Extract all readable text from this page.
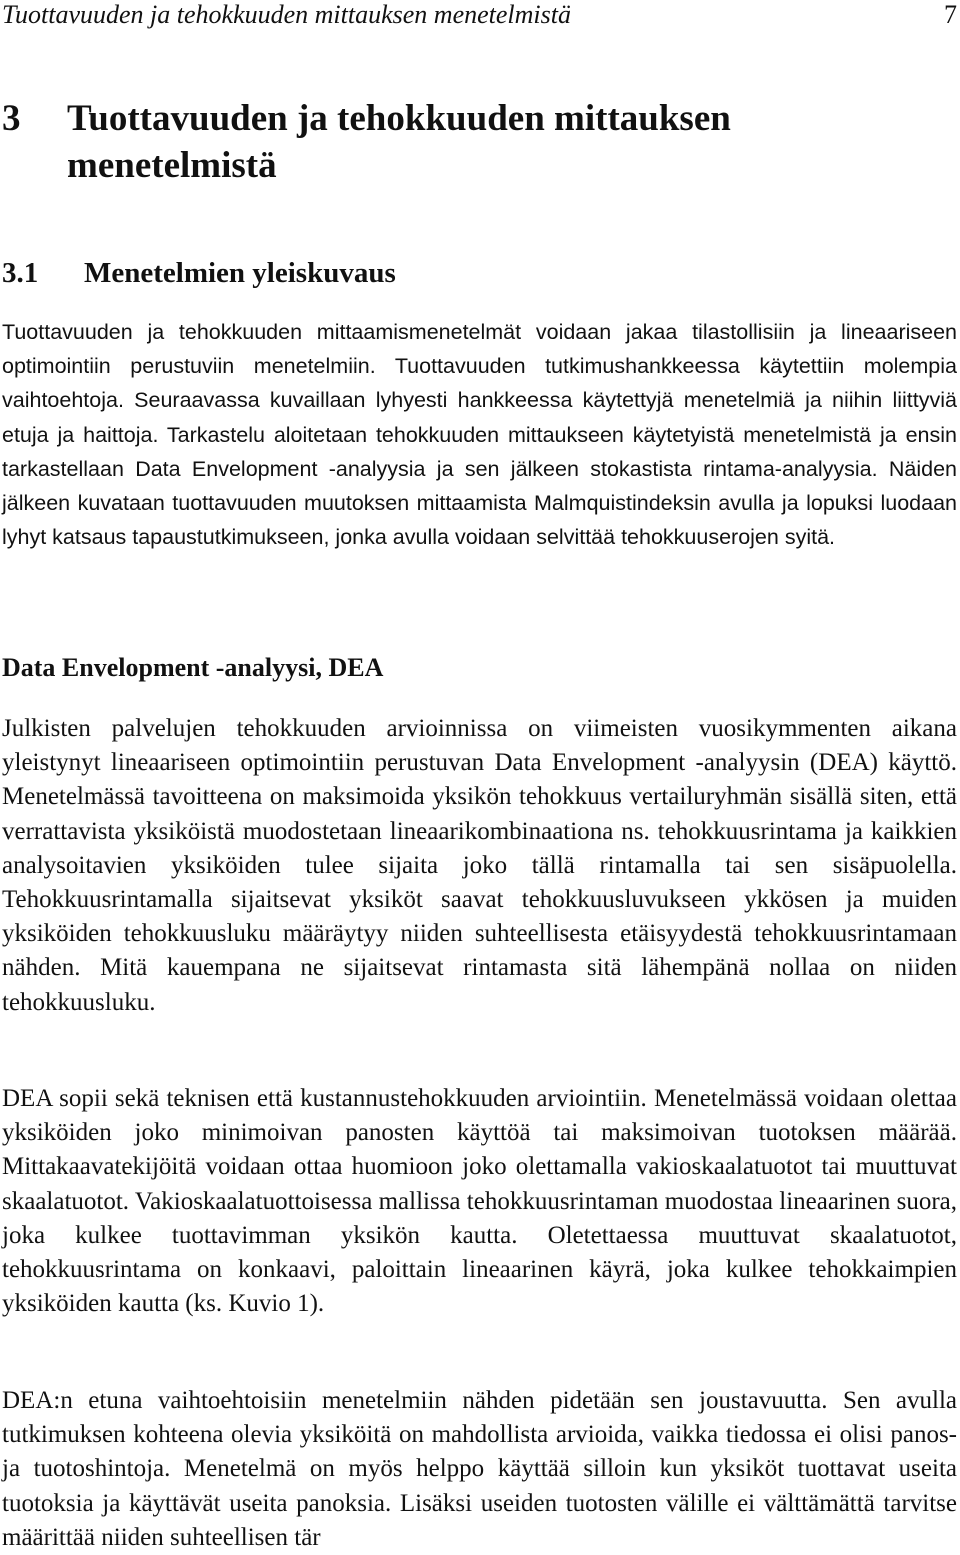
Tuottavuuden ja tehokkuuden mittauksen menetelmistä	7
3 Tuottavuuden ja tehokkuuden mittauksen menetelmistä
3.1 Menetelmien yleiskuvaus

Tuottavuuden ja tehokkuuden mittaamismenetelmät voidaan jakaa tilastollisiin ja lineaariseen optimointiin perustuviin menetelmiin. Tuottavuuden tutkimushankkeessa käytettiin molempia vaihtoehtoja. Seuraavassa kuvaillaan lyhyesti hankkeessa käytettyjä menetelmiä ja niihin liittyviä etuja ja haittoja. Tarkastelu aloitetaan tehokkuuden mittaukseen käytetyistä menetelmistä ja ensin tarkastellaan Data Envelopment -analyysia ja sen jälkeen stokastista rintama-analyysia. Näiden jälkeen kuvataan tuottavuuden muutoksen mittaamista Malmquistindeksin avulla ja lopuksi luodaan lyhyt katsaus tapaustutkimukseen, jonka avulla voidaan selvittää tehokkuuserojen syitä.

Data Envelopment -analyysi, DEA

Julkisten palvelujen tehokkuuden arvioinnissa on viimeisten vuosikymmenten aikana yleistynyt lineaariseen optimointiin perustuvan Data Envelopment -analyysin (DEA) käyttö. Menetelmässä tavoitteena on maksimoida yksikön tehokkuus vertailuryhmän sisällä siten, että verrattavista yksiköistä muodostetaan lineaarikombinaationa ns. tehokkuusrintama ja kaikkien analysoitavien yksiköiden tulee sijaita joko tällä rintamalla tai sen sisäpuolella. Tehokkuusrintamalla sijaitsevat yksiköt saavat tehokkuusluvukseen ykkösen ja muiden yksiköiden tehokkuusluku määräytyy niiden suhteellisesta etäisyydestä tehokkuusrintamaan nähden. Mitä kauempana ne sijaitsevat rintamasta sitä lähempänä nollaa on niiden tehokkuusluku.

DEA sopii sekä teknisen että kustannustehokkuuden arviointiin. Menetelmässä voidaan olettaa yksiköiden joko minimoivan panosten käyttöä tai maksimoivan tuotoksen määrää. Mittakaavatekijöitä voidaan ottaa huomioon joko olettamalla vakioskaalatuotot tai muuttuvat skaalatuotot. Vakioskaalatuottoisessa mallissa tehokkuusrintaman muodostaa lineaarinen suora, joka kulkee tuottavimman yksikön kautta. Oletettaessa muuttuvat skaalatuotot, tehokkuusrintama on konkaavi, paloittain lineaarinen käyrä, joka kulkee tehokkaimpien yksiköiden kautta (ks. Kuvio 1).

DEA:n etuna vaihtoehtoisiin menetelmiin nähden pidetään sen joustavuutta. Sen avulla tutkimuksen kohteena olevia yksiköitä on mahdollista arvioida, vaikka tiedossa ei olisi panos- ja tuotoshintoja. Menetelmä on myös helppo käyttää silloin kun yksiköt tuottavat useita tuotoksia ja käyttävät useita panoksia. Lisäksi useiden tuotosten välille ei välttämättä tarvitse määrittää niiden suhteellisen tär
